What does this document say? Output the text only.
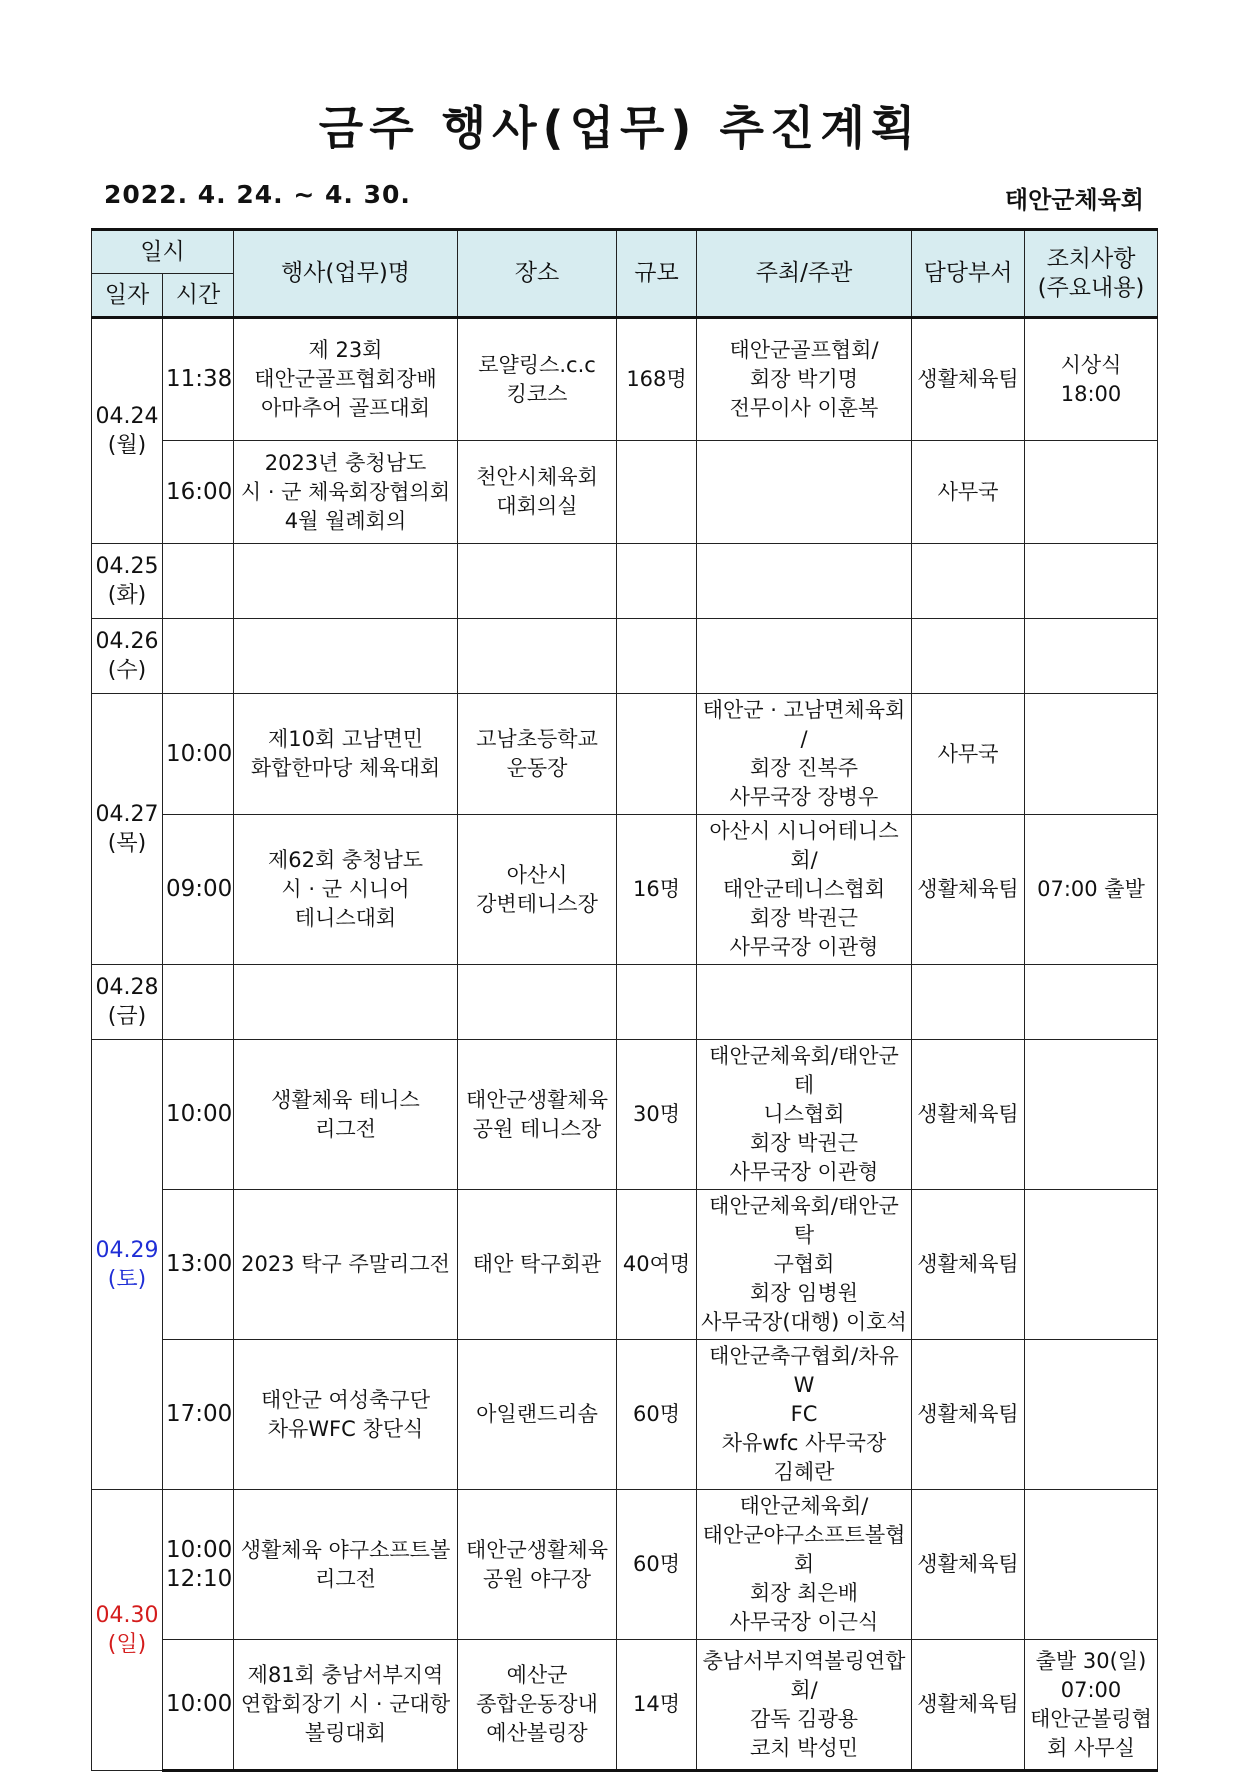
금주 행사(업무) 추진계획
2022. 4. 24. ~ 4. 30.	태안군체육회
일시		행사(업무)명	장소	규모	주최/주관	담당부서	조치사항
(주요내용)

일자	시간						

04.24
(월)	11:38	제 23회
태안군골프협회장배
아마추어 골프대회	로얄링스.c.c
킹코스	168명	태안군골프협회/
회장 박기명
전무이사 이훈복	생활체육팀	시상식 18:00

	16:00	2023년 충청남도
시 · 군 체육회장협의회
4월 월례회의	천안시체육회
대회의실			사무국	

04.25
(화)							

04.26
(수)							

04.27
(목)	10:00	제10회 고남면민
화합한마당 체육대회	고남초등학교
운동장		태안군 · 고남면체육회 /
회장 진복주
사무국장 장병우	사무국	
	09:00	제62회 충청남도
시 · 군 시니어
테니스대회	아산시
강변테니스장	16명	아산시 시니어테니스회/
태안군테니스협회
회장 박권근
사무국장 이관형	생활체육팀	07:00 출발

04.28
(금)							

04.29
(토)	10:00	생활체육 테니스
리그전	태안군생활체육
공원 테니스장	30명	태안군체육회/태안군테
니스협회
회장 박권근
사무국장 이관형	생활체육팀	
	13:00	2023 탁구 주말리그전	태안 탁구회관	40여명	태안군체육회/태안군탁
구협회
회장 임병원
사무국장(대행) 이호석	생활체육팀	
	17:00	태안군 여성축구단
차유WFC 창단식	아일랜드리솜	60명	태안군축구협회/차유W
FC
차유wfc 사무국장
김혜란	생활체육팀	

04.30
(일)	10:00
12:10	생활체육 야구소프트볼
리그전	태안군생활체육
공원 야구장	60명	태안군체육회/
태안군야구소프트볼협회
회장 최은배
사무국장 이근식	생활체육팀	
	10:00	제81회 충남서부지역
연합회장기 시 · 군대항
볼링대회	예산군
종합운동장내
예산볼링장	14명	충남서부지역볼링연합회/
감독 김광용
코치 박성민	생활체육팀	출발 30(일)
07:00
태안군볼링협
회 사무실
